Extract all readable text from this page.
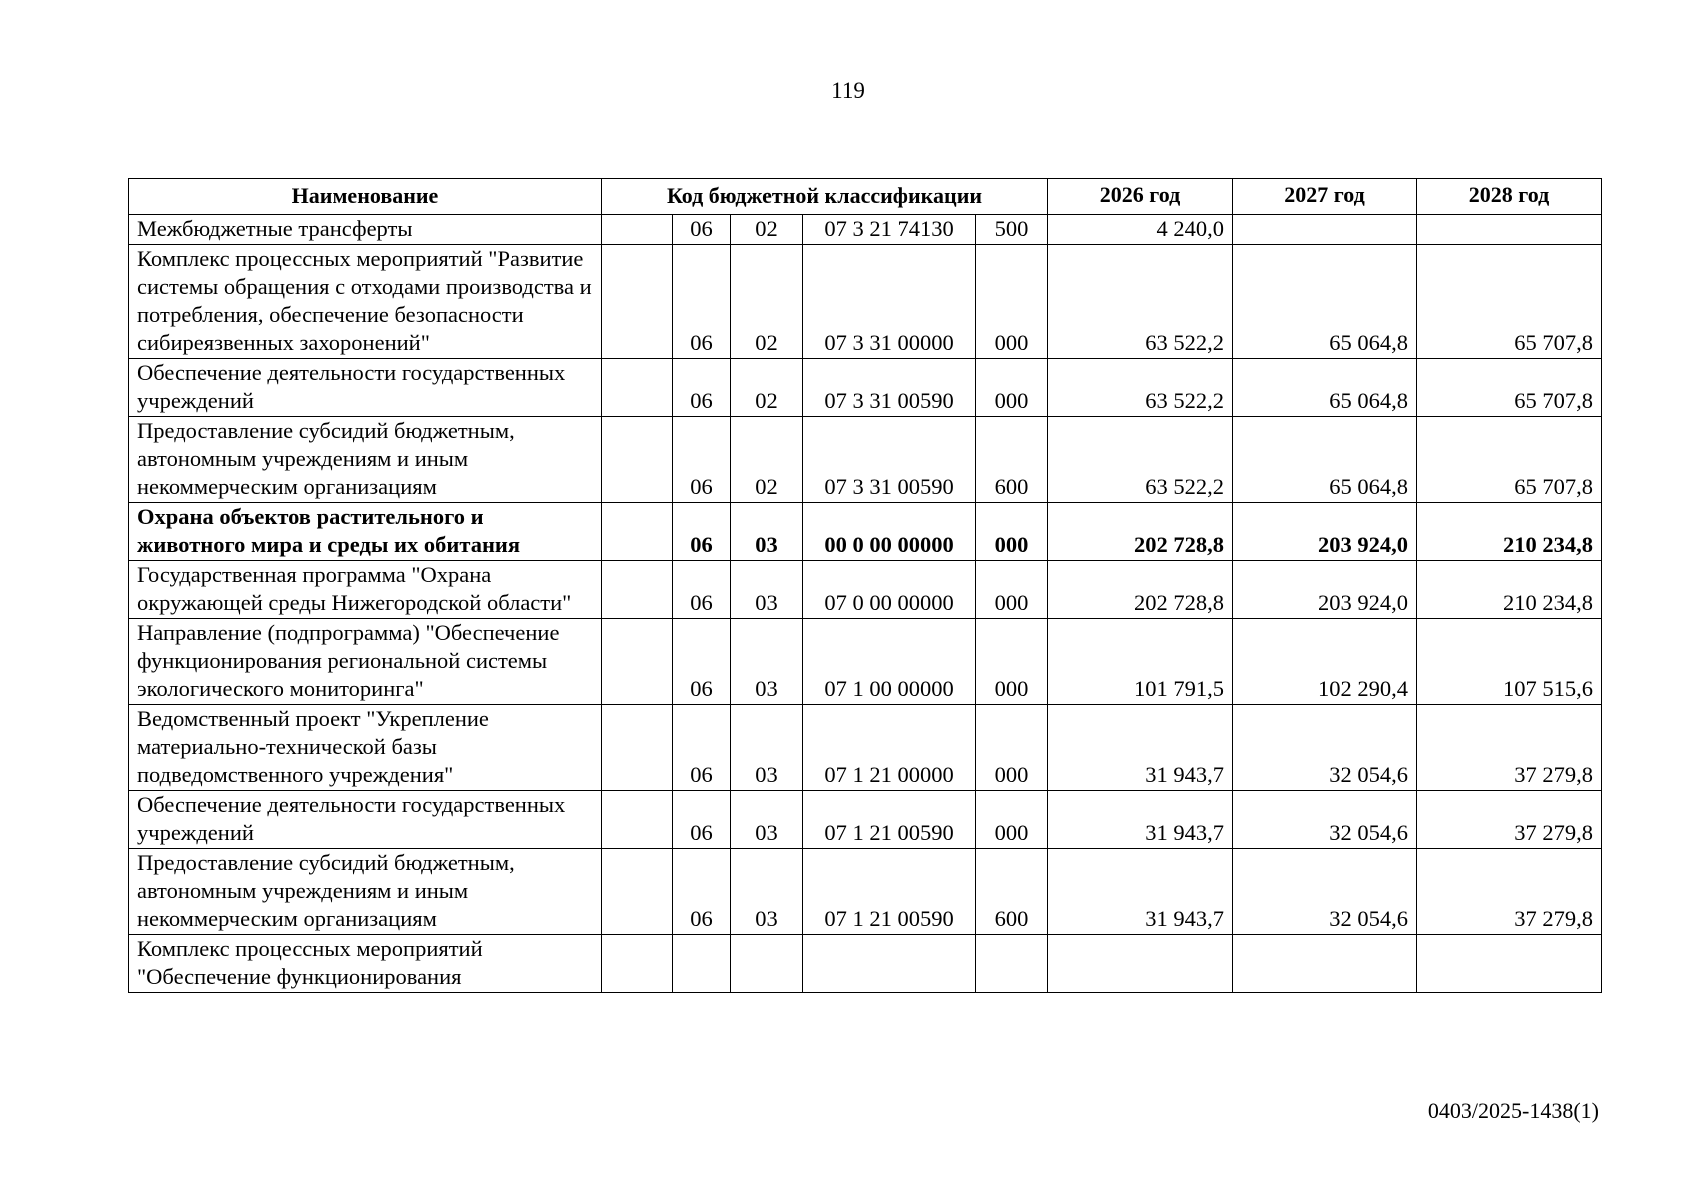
119
Наименование	Код бюджетной классификации					2026 год	2027 год	2028 год
Межбюджетные трансферты		06	02	07 3 21 74130	500	4 240,0		
Комплекс процессных мероприятий "Развитие системы обращения с отходами производства и потребления, обеспечение безопасности сибиреязвенных захоронений"		06	02	07 3 31 00000	000	63 522,2	65 064,8	65 707,8
Обеспечение деятельности государственных учреждений		06	02	07 3 31 00590	000	63 522,2	65 064,8	65 707,8
Предоставление субсидий бюджетным, автономным учреждениям и иным некоммерческим организациям		06	02	07 3 31 00590	600	63 522,2	65 064,8	65 707,8
Охрана объектов растительного и животного мира и среды их обитания		06	03	00 0 00 00000	000	202 728,8	203 924,0	210 234,8
Государственная программа "Охрана окружающей среды Нижегородской области"		06	03	07 0 00 00000	000	202 728,8	203 924,0	210 234,8
Направление (подпрограмма) "Обеспечение функционирования региональной системы экологического мониторинга"		06	03	07 1 00 00000	000	101 791,5	102 290,4	107 515,6
Ведомственный проект "Укрепление материально-технической базы подведомственного учреждения"		06	03	07 1 21 00000	000	31 943,7	32 054,6	37 279,8
Обеспечение деятельности государственных учреждений		06	03	07 1 21 00590	000	31 943,7	32 054,6	37 279,8
Предоставление субсидий бюджетным, автономным учреждениям и иным некоммерческим организациям		06	03	07 1 21 00590	600	31 943,7	32 054,6	37 279,8
Комплекс процессных мероприятий "Обеспечение функционирования								
0403/2025-1438(1)
